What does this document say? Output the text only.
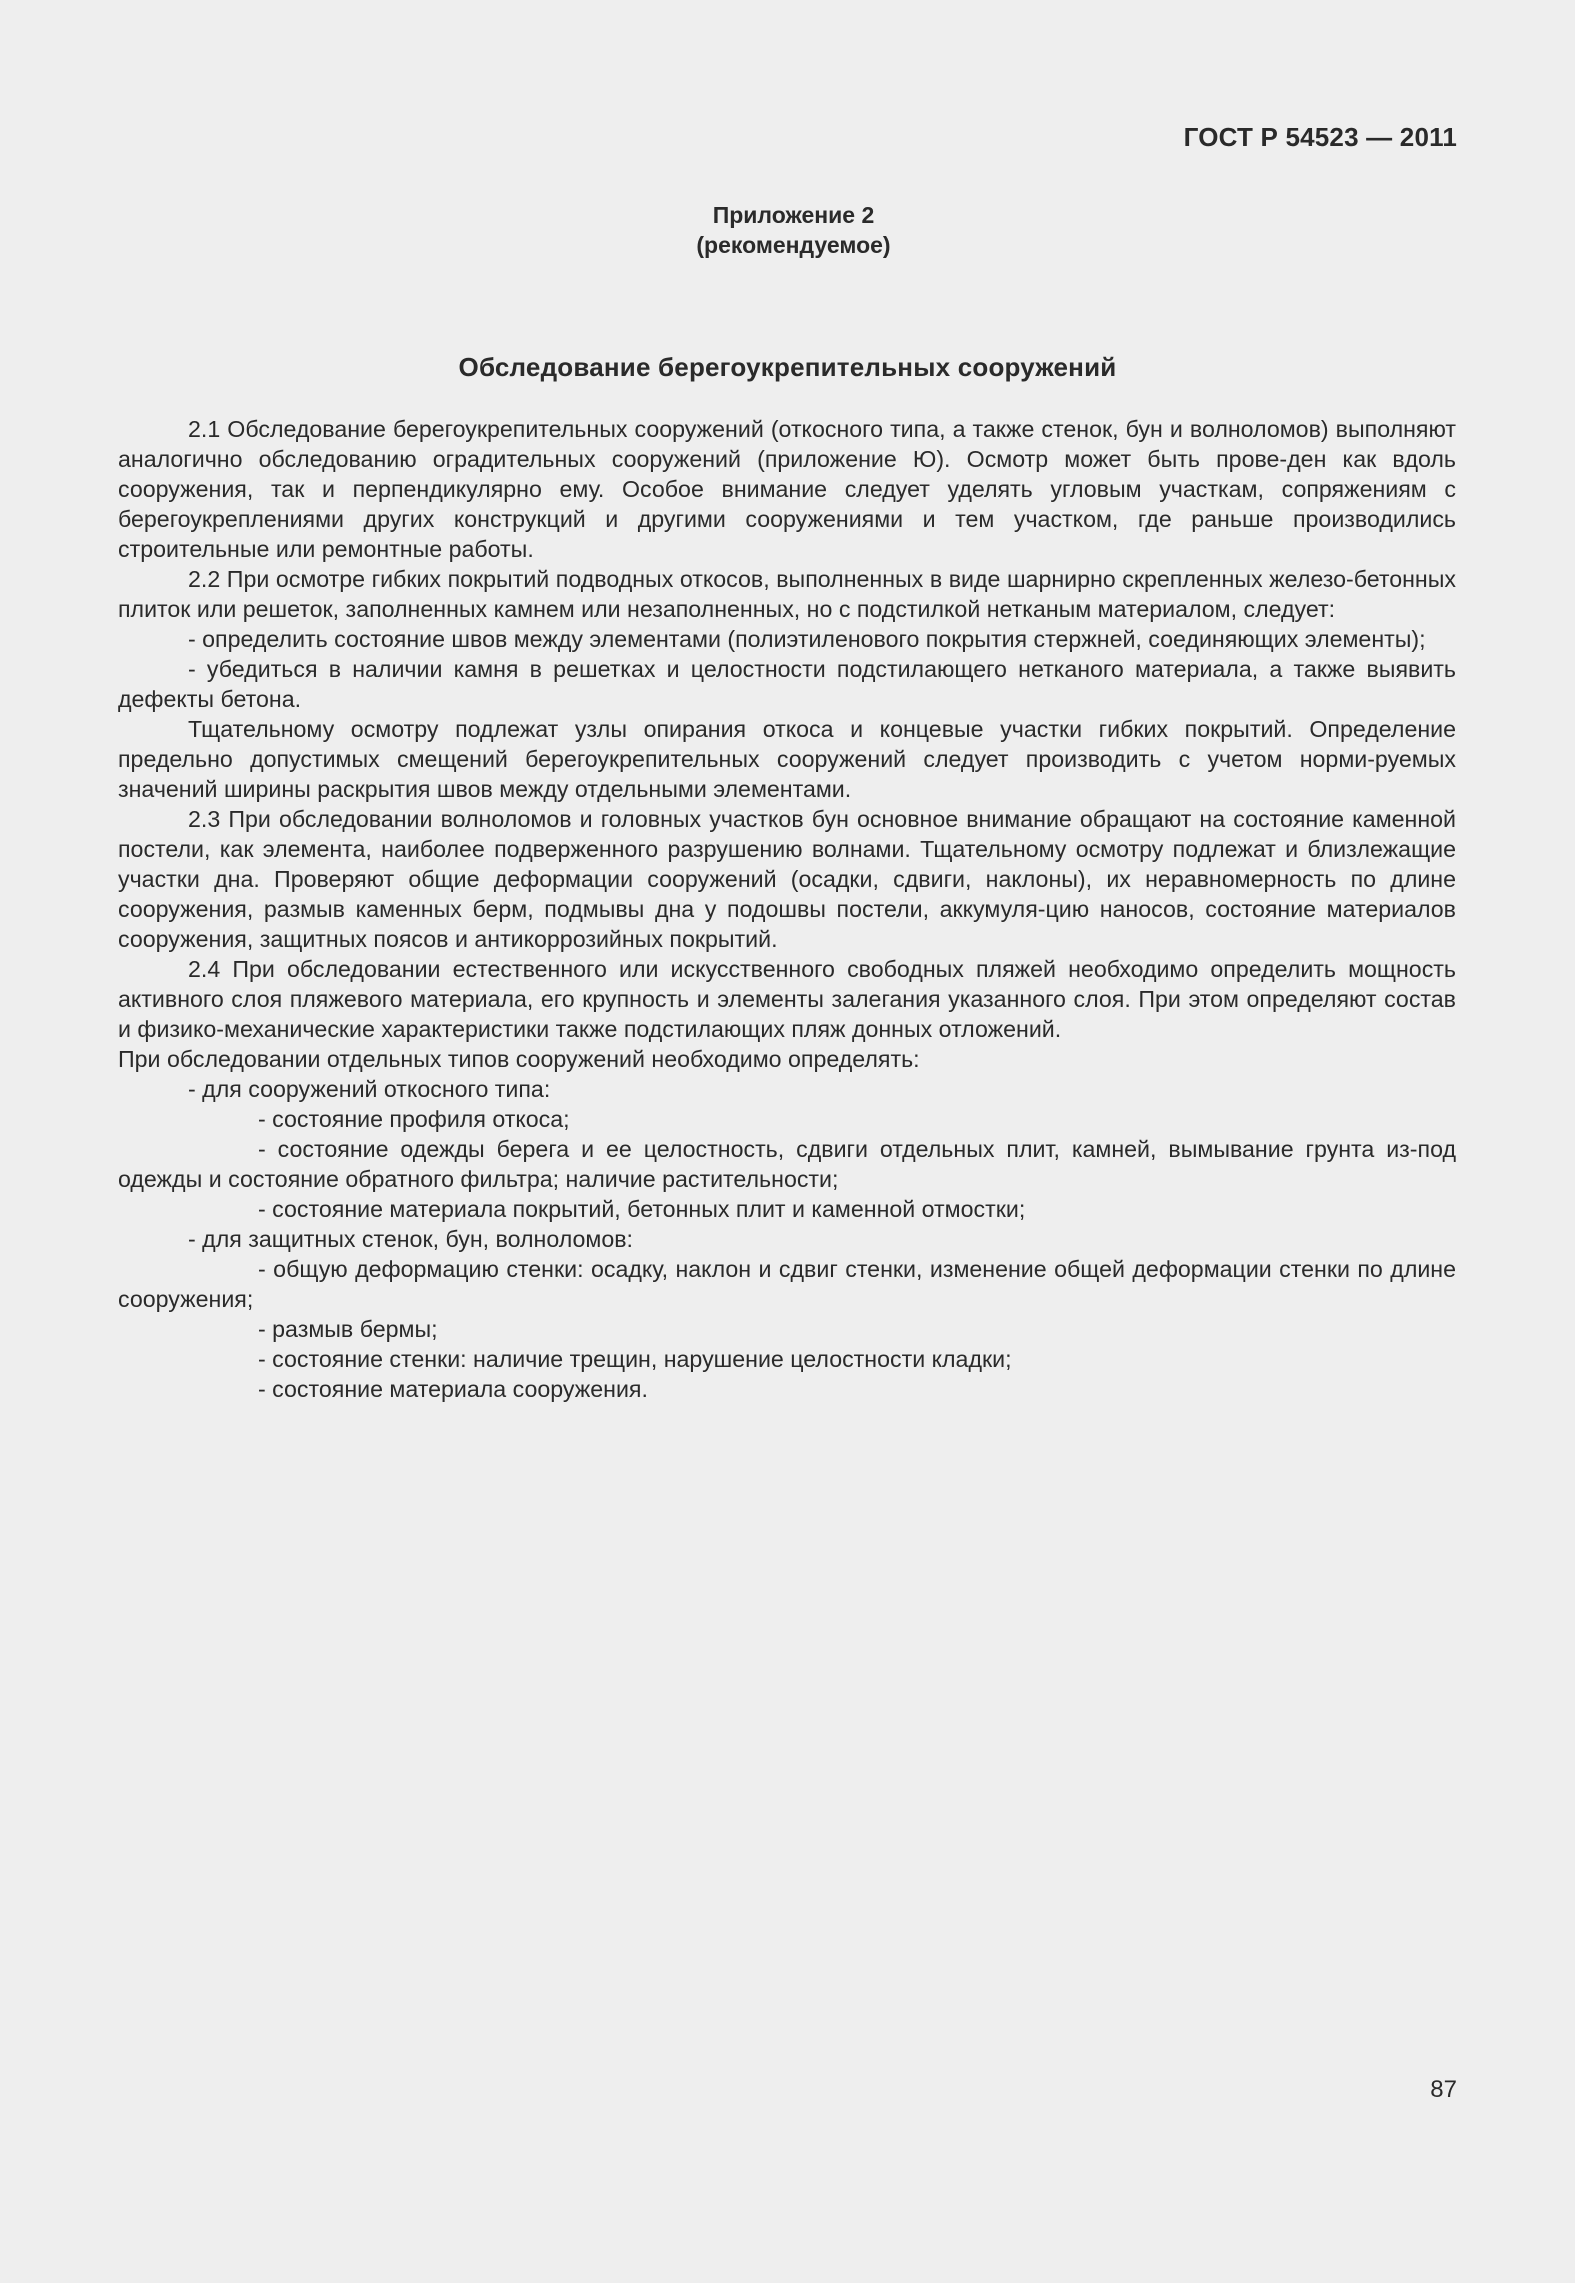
ГОСТ Р 54523 — 2011
Приложение 2
(рекомендуемое)
Обследование берегоукрепительных сооружений

2.1 Обследование берегоукрепительных сооружений (откосного типа, а также стенок, бун и волноломов) выполняют аналогично обследованию оградительных сооружений (приложение Ю). Осмотр может быть прове-ден как вдоль сооружения, так и перпендикулярно ему. Особое внимание следует уделять угловым участкам, сопряжениям с берегоукреплениями других конструкций и другими сооружениями и тем участком, где раньше производились строительные или ремонтные работы.

2.2 При осмотре гибких покрытий подводных откосов, выполненных в виде шарнирно скрепленных железо-бетонных плиток или решеток, заполненных камнем или незаполненных, но с подстилкой нетканым материалом, следует:

- определить состояние швов между элементами (полиэтиленового покрытия стержней, соединяющих элементы);

- убедиться в наличии камня в решетках и целостности подстилающего нетканого материала, а также выявить дефекты бетона.

Тщательному осмотру подлежат узлы опирания откоса и концевые участки гибких покрытий. Определение предельно допустимых смещений берегоукрепительных сооружений следует производить с учетом норми-руемых значений ширины раскрытия швов между отдельными элементами.

2.3 При обследовании волноломов и головных участков бун основное внимание обращают на состояние каменной постели, как элемента, наиболее подверженного разрушению волнами. Тщательному осмотру подлежат и близлежащие участки дна. Проверяют общие деформации сооружений (осадки, сдвиги, наклоны), их неравномерность по длине сооружения, размыв каменных берм, подмывы дна у подошвы постели, аккумуля-цию наносов, состояние материалов сооружения, защитных поясов и антикоррозийных покрытий.

2.4 При обследовании естественного или искусственного свободных пляжей необходимо определить мощность активного слоя пляжевого материала, его крупность и элементы залегания указанного слоя. При этом определяют состав и физико-механические характеристики также подстилающих пляж донных отложений.

При обследовании отдельных типов сооружений необходимо определять:

- для сооружений откосного типа:

- состояние профиля откоса;

- состояние одежды берега и ее целостность, сдвиги отдельных плит, камней, вымывание грунта из-под одежды и состояние обратного фильтра; наличие растительности;

- состояние материала покрытий, бетонных плит и каменной отмостки;

- для защитных стенок, бун, волноломов:

- общую деформацию стенки: осадку, наклон и сдвиг стенки, изменение общей деформации стенки по длине сооружения;

- размыв бермы;

- состояние стенки: наличие трещин, нарушение целостности кладки;

- состояние материала сооружения.

87
